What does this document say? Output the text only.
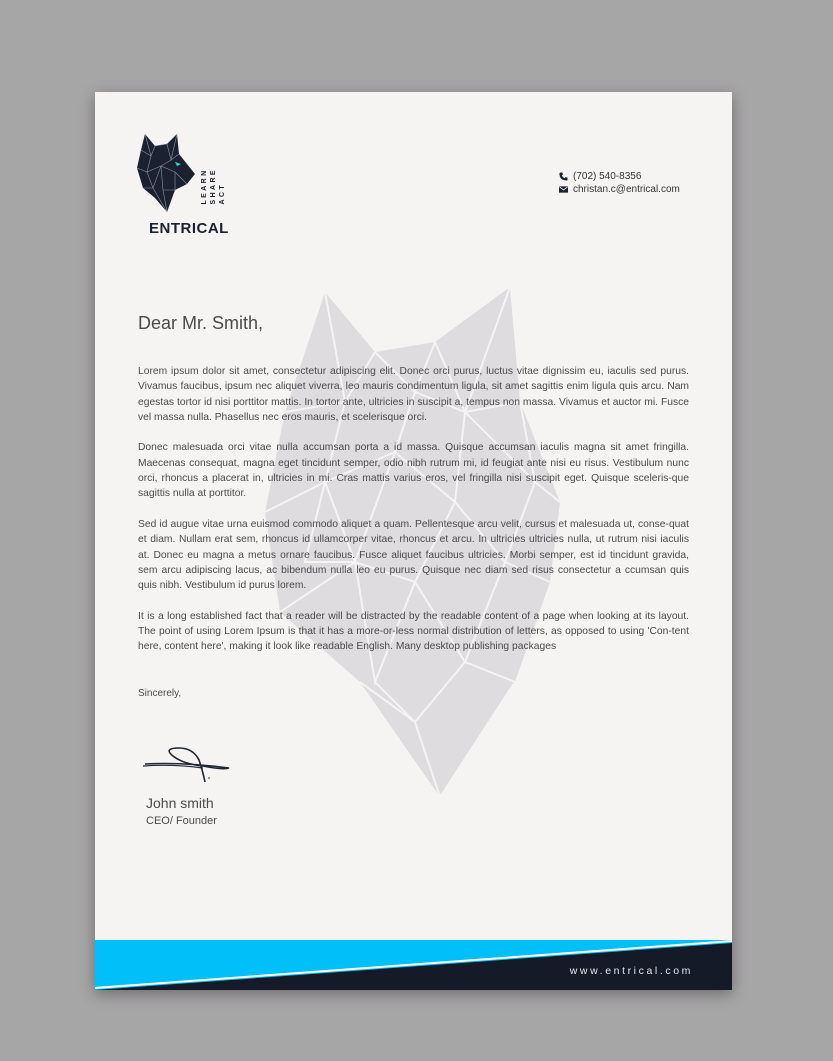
LEARN SHARE ACT
ENTRICAL
(702) 540-8356
christan.c@entrical.com
Dear Mr. Smith,

Lorem ipsum dolor sit amet, consectetur adipiscing elit. Donec orci purus, luctus vitae dignissim eu, iaculis sed purus. Vivamus faucibus, ipsum nec aliquet viverra, leo mauris condimentum ligula, sit amet sagittis enim ligula quis arcu. Nam egestas tortor id nisi porttitor mattis. In tortor ante, ultricies in suscipit a, tempus non massa. Vivamus et auctor mi. Fusce vel massa nulla. Phasellus nec eros mauris, et scelerisque orci.

Donec malesuada orci vitae nulla accumsan porta a id massa. Quisque accumsan iaculis magna sit amet fringilla. Maecenas consequat, magna eget tincidunt semper, odio nibh rutrum mi, id feugiat ante nisi eu risus. Vestibulum nunc orci, rhoncus a placerat in, ultricies in mi. Cras mattis varius eros, vel fringilla nisi suscipit eget. Quisque sceleris-que sagittis nulla at porttitor.

Sed id augue vitae urna euismod commodo aliquet a quam. Pellentesque arcu velit, cursus et malesuada ut, conse-quat et diam. Nullam erat sem, rhoncus id ullamcorper vitae, rhoncus et arcu. In ultricies ultricies nulla, ut rutrum nisi iaculis at. Donec eu magna a metus ornare faucibus. Fusce aliquet faucibus ultricies. Morbi semper, est id tincidunt gravida, sem arcu adipiscing lacus, ac bibendum nulla leo eu purus. Quisque nec diam sed risus consectetur a ccumsan quis quis nibh. Vestibulum id purus lorem.

It is a long established fact that a reader will be distracted by the readable content of a page when looking at its layout. The point of using Lorem Ipsum is that it has a more-or-less normal distribution of letters, as opposed to using 'Con-tent here, content here', making it look like readable English. Many desktop publishing packages

Sincerely,
John smith
CEO/ Founder
www.entrical.com
